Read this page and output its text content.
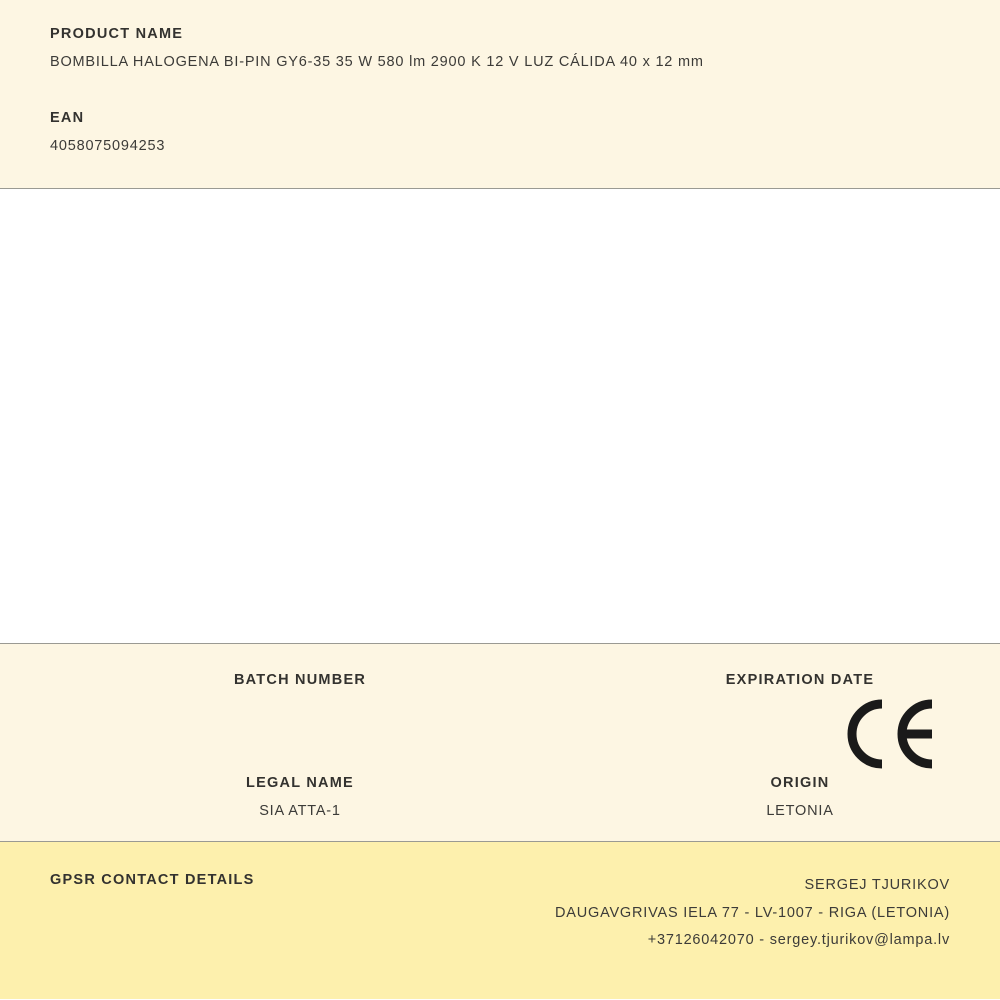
PRODUCT NAME
BOMBILLA HALOGENA BI-PIN GY6-35 35 W 580 lm 2900 K 12 V LUZ CÁLIDA 40 x 12 mm
EAN
4058075094253
BATCH NUMBER	EXPIRATION DATE
LEGAL NAME
SIA ATTA-1
ORIGIN
LETONIA
GPSR CONTACT DETAILS	SERGEJ TJURIKOV
DAUGAVGRIVAS IELA 77 - LV-1007 - RIGA (LETONIA)
+37126042070 - sergey.tjurikov@lampa.lv
